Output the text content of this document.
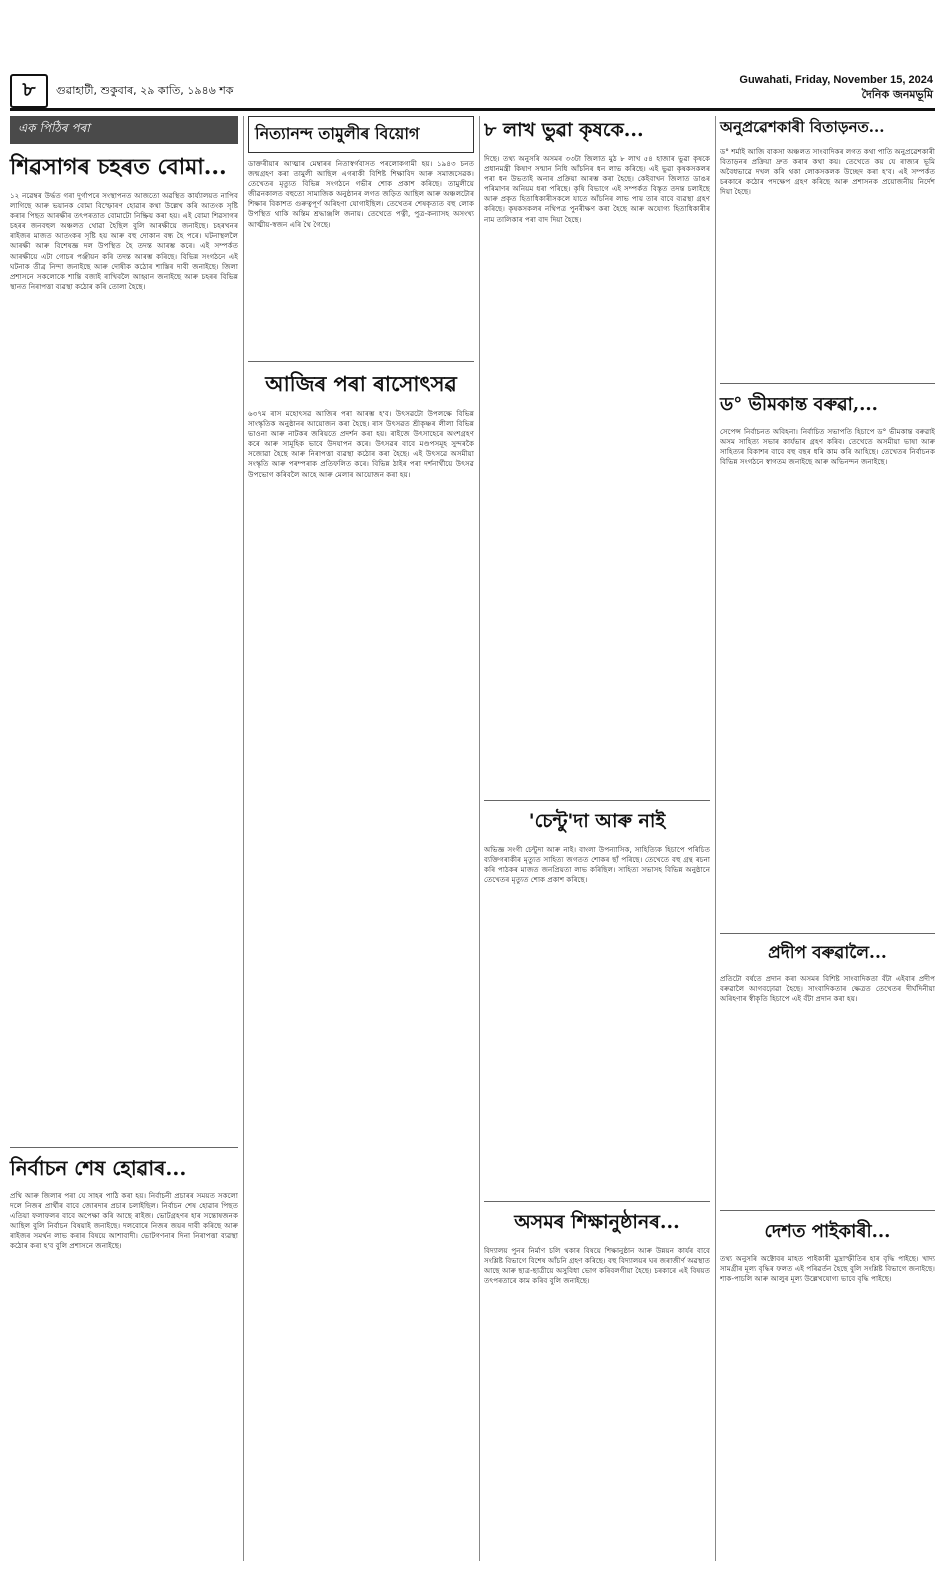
৮	গুৱাহাটী, শুকুবাৰ, ২৯ কাতি, ১৯৪৬ শক
Guwahati, Friday, November 15, 2024
দৈনিক জনমভূমি
এক পিঠিৰ পৰা
শিৱসাগৰ চহৰত বোমা...
১২ নৱেম্বৰ উৰ্দ্ধত গৰা দুৰ্গাপৰে সংস্থাপনত আজতো অৱস্থিত কাৰ্য্যালয়ত নাপিব লাগিছে আৰু ভয়ানক বোমা বিস্ফোৰণ হোৱাৰ কথা উল্লেখ কৰি আতংক সৃষ্টি কৰাৰ পিছত আৰক্ষীৰ তৎপৰতাত বোমাটো নিষ্ক্ৰিয় কৰা হয়। এই বোমা শিৱসাগৰ চহৰৰ জনবহুল অঞ্চলত থোৱা হৈছিল বুলি আৰক্ষীয়ে জনাইছে। চহৰখনৰ ৰাইজৰ মাজত আতংকৰ সৃষ্টি হয় আৰু বহু দোকান বন্ধ হৈ পৰে। ঘটনাস্থললৈ আৰক্ষী আৰু বিশেষজ্ঞ দল উপস্থিত হৈ তদন্ত আৰম্ভ কৰে। এই সম্পৰ্কত আৰক্ষীয়ে এটা গোচৰ পঞ্জীয়ন কৰি তদন্ত আৰম্ভ কৰিছে। বিভিন্ন সংগঠনে এই ঘটনাক তীব্ৰ নিন্দা জনাইছে আৰু দোষীক কঠোৰ শাস্তিৰ দাবী জনাইছে। জিলা প্ৰশাসনে সকলোকে শান্তি বজাই ৰাখিবলৈ আহ্বান জনাইছে আৰু চহৰৰ বিভিন্ন স্থানত নিৰাপত্তা ব্যৱস্থা কঠোৰ কৰি তোলা হৈছে।
নিৰ্বাচন শেষ হোৱাৰ...
প্ৰথি আৰু জিলাৰ পৰা যে সাহৰ পাঠি কৰা হয়। নিৰ্বাচনী প্ৰচাৰৰ সময়ত সকলো দলে নিজৰ প্ৰাৰ্থীৰ বাবে জোৰদাৰ প্ৰচাৰ চলাইছিল। নিৰ্বাচন শেষ হোৱাৰ পিছত এতিয়া ফলাফলৰ বাবে অপেক্ষা কৰি আছে ৰাইজ। ভোটগ্ৰহণৰ হাৰ সন্তোষজনক আছিল বুলি নিৰ্বাচন বিষয়াই জনাইছে। দলবোৰে নিজৰ জয়ৰ দাবী কৰিছে আৰু ৰাইজৰ সমৰ্থন লাভ কৰাৰ বিষয়ে আশাবাদী। ভোটগণনাৰ দিনা নিৰাপত্তা ব্যৱস্থা কঠোৰ কৰা হ'ব বুলি প্ৰশাসনে জনাইছে।
নিত্যানন্দ তামুলীৰ বিয়োগ
ডাক্তৰীয়াৰ আত্মাৰ মেম্বাৰৰ নিতাস্বৰ্গবাসত পৰলোকগামী হয়। ১৯৪৩ চনত জন্মগ্ৰহণ কৰা তামুলী আছিল এগৰাকী বিশিষ্ট শিক্ষাবিদ আৰু সমাজসেৱক। তেখেতৰ মৃত্যুত বিভিন্ন সংগঠনে গভীৰ শোক প্ৰকাশ কৰিছে। তামুলীয়ে জীৱনকালত বহুতো সামাজিক অনুষ্ঠানৰ লগত জড়িত আছিল আৰু অঞ্চলটোৰ শিক্ষাৰ বিকাশত গুৰুত্বপূৰ্ণ অৰিহণা যোগাইছিল। তেখেতৰ শেষকৃত্যত বহু লোক উপস্থিত থাকি অন্তিম শ্ৰদ্ধাঞ্জলি জনায়। তেখেতে পত্নী, পুত্ৰ-কন্যাসহ অসংখ্য আত্মীয়-স্বজন এৰি থৈ গৈছে।
আজিৰ পৰা ৰাসোৎসৱ
৬৩৭ম ৰাস মহোৎসৱ আজিৰ পৰা আৰম্ভ হ'ব। উৎসৱটো উপলক্ষে বিভিন্ন সাংস্কৃতিক অনুষ্ঠানৰ আয়োজন কৰা হৈছে। ৰাস উৎসৱত শ্ৰীকৃষ্ণৰ লীলা বিভিন্ন ভাওনা আৰু নাটকৰ জৰিয়তে প্ৰদৰ্শন কৰা হয়। ৰাইজে উৎসাহেৰে অংশগ্ৰহণ কৰে আৰু সামূহিক ভাবে উদযাপন কৰে। উৎসৱৰ বাবে মণ্ডপসমূহ সুন্দৰকৈ সজোৱা হৈছে আৰু নিৰাপত্তা ব্যৱস্থা কঠোৰ কৰা হৈছে। এই উৎসৱে অসমীয়া সংস্কৃতি আৰু পৰম্পৰাক প্ৰতিফলিত কৰে। বিভিন্ন ঠাইৰ পৰা দৰ্শনাৰ্থীয়ে উৎসৱ উপভোগ কৰিবলৈ আহে আৰু মেলাৰ আয়োজন কৰা হয়।
৮ লাখ ভুৱা কৃষকে...
দিছে। তথ্য অনুসৰি অসমৰ ৩৩টা জিলাত মুঠ ৮ লাখ ৫৪ হাজাৰ ভুৱা কৃষকে প্ৰধানমন্ত্ৰী কিষাণ সন্মান নিধি আঁচনিৰ ধন লাভ কৰিছে। এই ভুৱা কৃষকসকলৰ পৰা ধন উভতাই অনাৰ প্ৰক্ৰিয়া আৰম্ভ কৰা হৈছে। কেইবাখন জিলাত ডাঙৰ পৰিমাণৰ অনিয়ম ধৰা পৰিছে। কৃষি বিভাগে এই সম্পৰ্কত বিস্তৃত তদন্ত চলাইছে আৰু প্ৰকৃত হিতাধিকাৰীসকলে যাতে আঁচনিৰ লাভ পায় তাৰ বাবে ব্যৱস্থা গ্ৰহণ কৰিছে। কৃষকসকলৰ নথিপত্ৰ পুনৰীক্ষণ কৰা হৈছে আৰু অযোগ্য হিতাধিকাৰীৰ নাম তালিকাৰ পৰা বাদ দিয়া হৈছে।
'চেন্টু'দা আৰু নাই
অভিজ্ঞ সংগী চেন্টুদা আৰু নাই। বাংলা উপন্যাসিক, সাহিত্যিক হিচাপে পৰিচিত ব্যক্তিগৰাকীৰ মৃত্যুত সাহিত্য জগতত শোকৰ ছাঁ পৰিছে। তেখেতে বহু গ্ৰন্থ ৰচনা কৰি পাঠকৰ মাজত জনপ্ৰিয়তা লাভ কৰিছিল। সাহিত্য সভাসহ বিভিন্ন অনুষ্ঠানে তেখেতৰ মৃত্যুত শোক প্ৰকাশ কৰিছে।
অসমৰ শিক্ষানুষ্ঠানৰ...
বিদ্যালয় পুনৰ নিৰ্মাণ চলি থকাৰ বিষয়ে শিক্ষানুষ্ঠান আৰু উন্নয়ন কাৰ্যৰ বাবে সংশ্লিষ্ট বিভাগে বিশেষ আঁচনি গ্ৰহণ কৰিছে। বহু বিদ্যালয়ৰ ঘৰ জৰাজীৰ্ণ অৱস্থাত আছে আৰু ছাত্ৰ-ছাত্ৰীয়ে অসুবিধা ভোগ কৰিবলগীয়া হৈছে। চৰকাৰে এই বিষয়ত তৎপৰতাৰে কাম কৰিব বুলি জনাইছে।
অনুপ্ৰৱেশকাৰী বিতাড়নত...
ড° শৰ্মাই আজি বাকসা অঞ্চলত সাংবাদিকৰ লগত কথা পাতি অনুপ্ৰৱেশকাৰী বিতাড়নৰ প্ৰক্ৰিয়া দ্ৰুত কৰাৰ কথা কয়। তেখেতে কয় যে ৰাজ্যৰ ভূমি অবৈধভাৱে দখল কৰি থকা লোকসকলক উচ্ছেদ কৰা হ'ব। এই সম্পৰ্কত চৰকাৰে কঠোৰ পদক্ষেপ গ্ৰহণ কৰিছে আৰু প্ৰশাসনক প্ৰয়োজনীয় নিৰ্দেশ দিয়া হৈছে।
ড° ভীমকান্ত বৰুৱা,...
সেপেন্স নিৰ্বাচনত অবিহনা। নিৰ্বাচিত সভাপতি হিচাপে ড° ভীমকান্ত বৰুৱাই অসম সাহিত্য সভাৰ কাৰ্যভাৰ গ্ৰহণ কৰিব। তেখেতে অসমীয়া ভাষা আৰু সাহিত্যৰ বিকাশৰ বাবে বহু বছৰ ধৰি কাম কৰি আহিছে। তেখেতৰ নিৰ্বাচনক বিভিন্ন সংগঠনে স্বাগতম জনাইছে আৰু অভিনন্দন জনাইছে।
প্ৰদীপ বৰুৱালৈ...
প্ৰতিটো বৰ্ষতে প্ৰদান কৰা অসমৰ বিশিষ্ট সাংবাদিকতা বঁটা এইবাৰ প্ৰদীপ বৰুৱালৈ আগবঢ়োৱা হৈছে। সাংবাদিকতাৰ ক্ষেত্ৰত তেখেতৰ দীৰ্ঘদিনীয়া অৰিহণাৰ স্বীকৃতি হিচাপে এই বঁটা প্ৰদান কৰা হয়।
দেশত পাইকাৰী...
তথ্য অনুসৰি অক্টোবৰ মাহত পাইকাৰী মুদ্ৰাস্ফীতিৰ হাৰ বৃদ্ধি পাইছে। খাদ্য সামগ্ৰীৰ মূল্য বৃদ্ধিৰ ফলত এই পৰিৱৰ্তন হৈছে বুলি সংশ্লিষ্ট বিভাগে জনাইছে। শাক-পাচলি আৰু আলুৰ মূল্য উল্লেখযোগ্য ভাবে বৃদ্ধি পাইছে।
